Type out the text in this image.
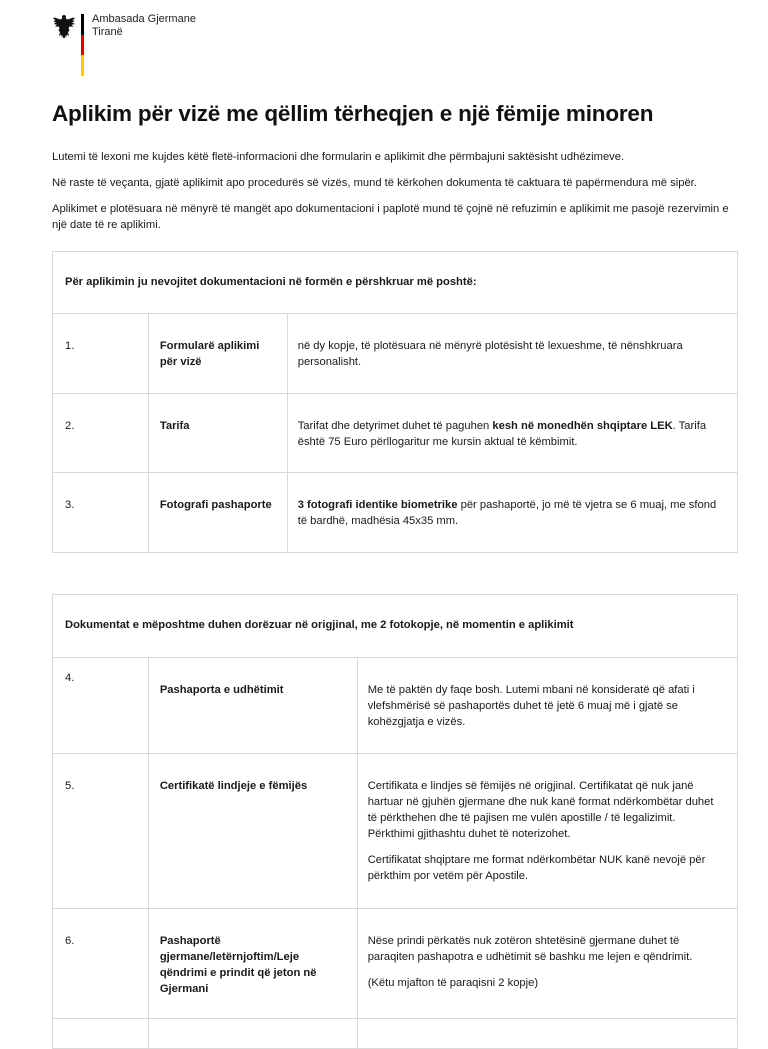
Ambasada Gjermane
Tiranë
Aplikim për vizë me qëllim tërheqjen e një fëmije minoren

Lutemi të lexoni me kujdes këtë fletë-informacioni dhe formularin e aplikimit dhe përmbajuni saktësisht udhëzimeve.

Në raste të veçanta, gjatë aplikimit apo procedurës së vizës, mund të kërkohen dokumenta të caktuara të papërmendura më sipër.

Aplikimet e plotësuara në mënyrë të mangët apo dokumentacioni i paplotë mund të çojnë në refuzimin e aplikimit me pasojë rezervimin e një date të re aplikimi.

Për aplikimin ju nevojitet dokumentacioni në formën e përshkruar më poshtë:		
1.	Formularë aplikimi për vizë	në dy kopje, të plotësuara në mënyrë plotësisht të lexueshme, të nënshkruara personalisht.
2.	Tarifa	Tarifat dhe detyrimet duhet të paguhen kesh në monedhën shqiptare LEK. Tarifa është 75 Euro përllogaritur me kursin aktual të këmbimit.
3.	Fotografi pashaporte	3 fotografi identike biometrike për pashaportë, jo më të vjetra se 6 muaj, me sfond të bardhë, madhësia 45x35 mm.
Dokumentat e mëposhtme duhen dorëzuar në origjinal, me 2 fotokopje, në momentin e aplikimit		
4.	Pashaporta e udhëtimit	Me të paktën dy faqe bosh. Lutemi mbani në konsideratë që afati i vlefshmërisë së pashaportës duhet të jetë 6 muaj më i gjatë se kohëzgjatja e vizës.
5.	Certifikatë lindjeje e fëmijës	Certifikata e lindjes së fëmijës në origjinal. Certifikatat që nuk janë hartuar në gjuhën gjermane dhe nuk kanë format ndërkombëtar duhet të përkthehen dhe të pajisen me vulën apostille / të legalizimit. Përkthimi gjithashtu duhet të noterizohet.

Certifikatat shqiptare me format ndërkombëtar NUK kanë nevojë për përkthim por vetëm për Apostile.

6.	Pashaportë gjermane/letërnjoftim/Leje qëndrimi e prindit që jeton në Gjermani	Nëse prindi përkatës nuk zotëron shtetësinë gjermane duhet të paraqiten pashapotra e udhëtimit së bashku me lejen e qëndrimit.

(Këtu mjafton të paraqisni 2 kopje)
